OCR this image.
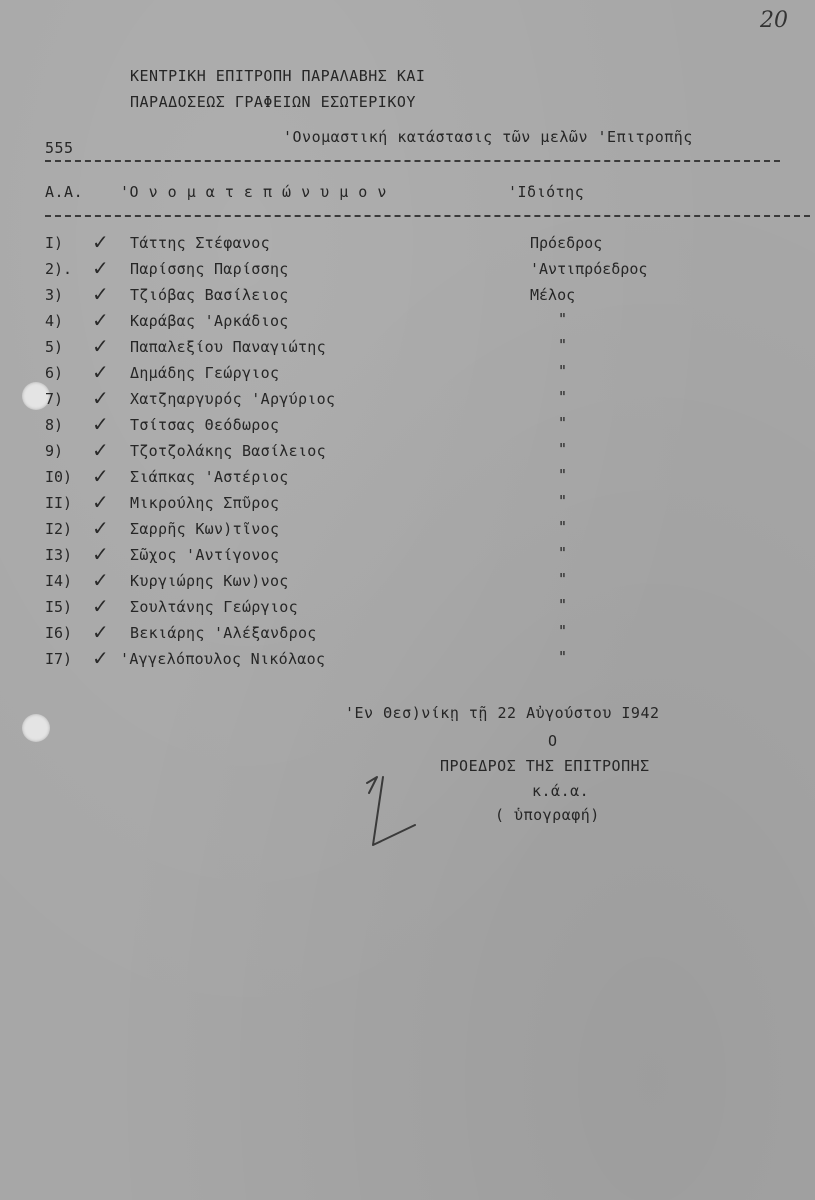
20
ΚΕΝΤΡΙΚΗ ΕΠΙΤΡΟΠΗ ΠΑΡΑΛΑΒΗΣ ΚΑΙ
ΠΑΡΑΔΟΣΕΩΣ ΓΡΑΦΕΙΩΝ ΕΣΩΤΕΡΙΚΟΥ
555
'Ονομαστική κατάστασις τῶν μελῶν 'Επιτροπῆς
Α.Α. 'Ο ν ο μ α τ ε π ώ ν υ μ ο ν	'Ιδιότης
I) ✓ Τάττης Στέφανος	Πρόεδρος
2). ✓ Παρίσσης Παρίσσης	'Αντιπρόεδρος
3) ✓ Τζιόβας Βασίλειος	Μέλος
4) ✓ Καράβας 'Αρκάδιος	"
5) ✓ Παπαλεξίου Παναγιώτης	"
6) ✓ Δημάδης Γεώργιος	"
7) ✓ Χατζηαργυρός 'Αργύριος	"
8) ✓ Τσίτσας Θεόδωρος	"
9) ✓ Τζοτζολάκης Βασίλειος	"
I0) ✓ Σιάπκας 'Αστέριος	"
II) ✓ Μικρούλης Σπῦρος	"
I2) ✓ Σαρρῆς Κων)τῖνος	"
I3) ✓ Σῶχος 'Αντίγονος	"
I4) ✓ Κυργιώρης Κων)νος	"
I5) ✓ Σουλτάνης Γεώργιος	"
I6) ✓ Βεκιάρης 'Αλέξανδρος	"
I7) ✓ 'Αγγελόπουλος Νικόλαος	"
'Εν Θεσ)νίκῃ τῇ 22 Αὐγούστου Ι942
Ο
ΠΡΟΕΔΡΟΣ ΤΗΣ ΕΠΙΤΡΟΠΗΣ
κ.ά.α.
( ὑπογραφή)
